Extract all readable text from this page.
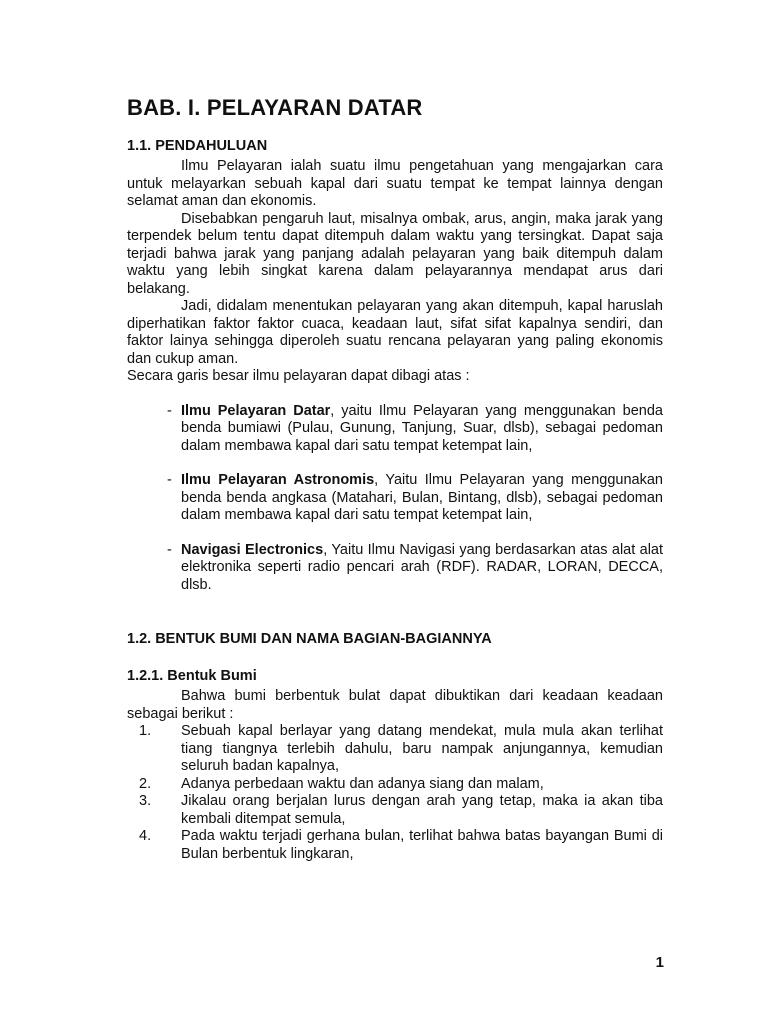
BAB. I. PELAYARAN DATAR
1.1. PENDAHULUAN

Ilmu Pelayaran ialah suatu ilmu pengetahuan yang mengajarkan cara untuk melayarkan sebuah kapal dari suatu tempat ke tempat lainnya dengan selamat aman dan ekonomis.

Disebabkan pengaruh laut, misalnya ombak, arus, angin, maka jarak yang terpendek belum tentu dapat ditempuh dalam waktu yang tersingkat. Dapat saja terjadi bahwa jarak yang panjang adalah pelayaran yang baik ditempuh dalam waktu yang lebih singkat karena dalam pelayarannya mendapat arus dari belakang.

Jadi, didalam menentukan pelayaran yang akan ditempuh, kapal haruslah diperhatikan faktor faktor cuaca, keadaan laut, sifat sifat kapalnya sendiri, dan faktor lainya sehingga diperoleh suatu rencana pelayaran yang paling ekonomis dan cukup aman.

Secara garis besar ilmu pelayaran dapat dibagi atas :

- Ilmu Pelayaran Datar, yaitu Ilmu Pelayaran yang menggunakan benda benda bumiawi (Pulau, Gunung, Tanjung, Suar, dlsb), sebagai pedoman dalam membawa kapal dari satu tempat ketempat lain,
- Ilmu Pelayaran Astronomis, Yaitu Ilmu Pelayaran yang menggunakan benda benda angkasa (Matahari, Bulan, Bintang, dlsb), sebagai pedoman dalam membawa kapal dari satu tempat ketempat lain,
- Navigasi Electronics, Yaitu Ilmu Navigasi yang berdasarkan atas alat alat elektronika seperti radio pencari arah (RDF). RADAR, LORAN, DECCA, dlsb.
1.2. BENTUK BUMI DAN NAMA BAGIAN-BAGIANNYA
1.2.1. Bentuk Bumi

Bahwa bumi berbentuk bulat dapat dibuktikan dari keadaan keadaan sebagai berikut :

1. Sebuah kapal berlayar yang datang mendekat, mula mula akan terlihat tiang tiangnya terlebih dahulu, baru nampak anjungannya, kemudian seluruh badan kapalnya,
2. Adanya perbedaan waktu dan adanya siang dan malam,
3. Jikalau orang berjalan lurus dengan arah yang tetap, maka ia akan tiba kembali ditempat semula,
4. Pada waktu terjadi gerhana bulan, terlihat bahwa batas bayangan Bumi di Bulan berbentuk lingkaran,
1
